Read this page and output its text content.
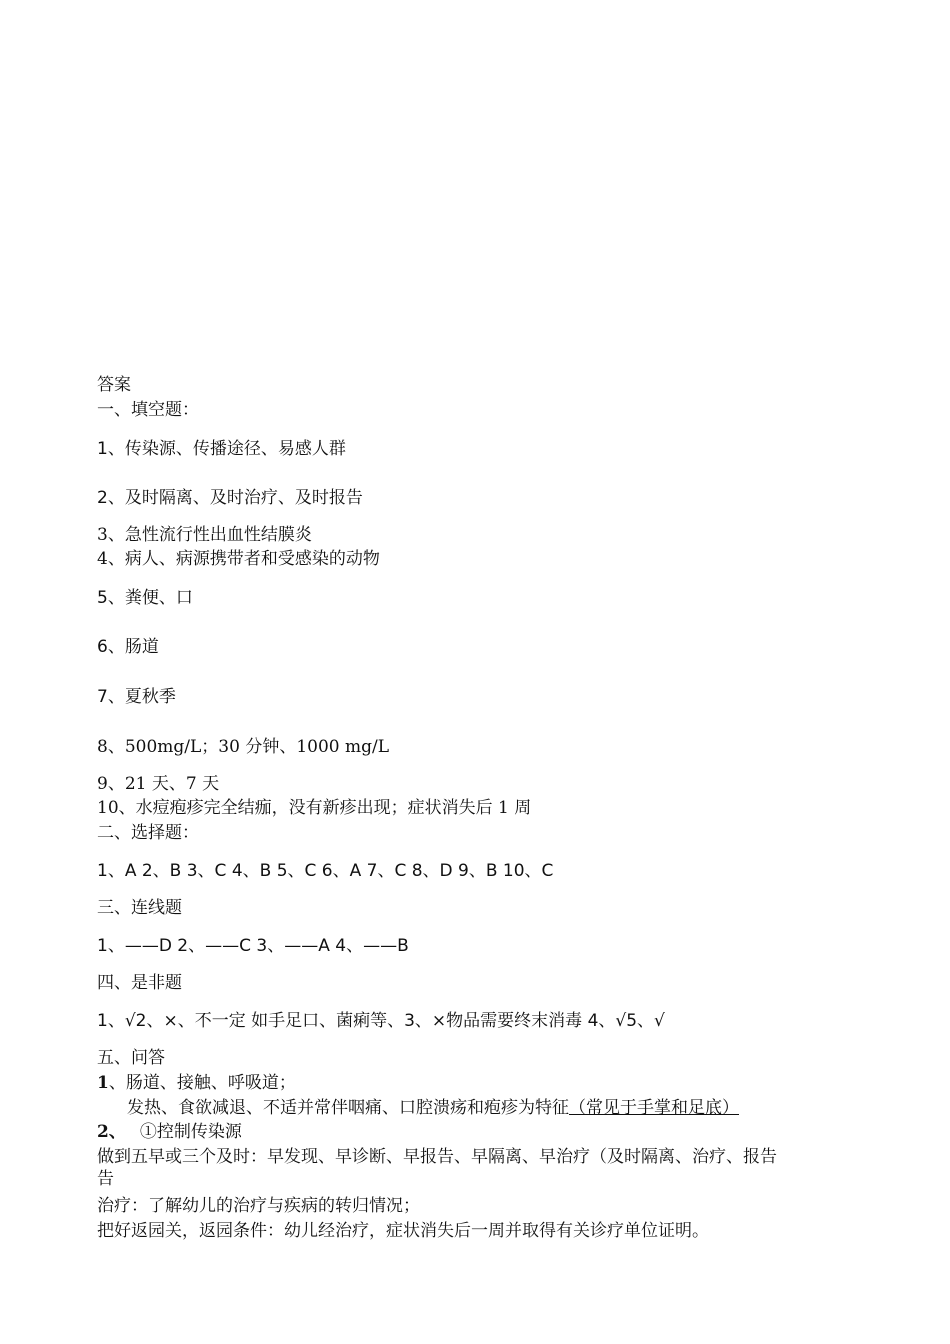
答案
一、填空题：
1、传染源、传播途径、易感人群
2、及时隔离、及时治疗、及时报告
3、急性流行性出血性结膜炎
4、病人、病源携带者和受感染的动物
5、粪便、口
6、肠道
7、夏秋季
8、500mg/L；30 分钟、1000 mg/L
9、21 天、7 天
10、水痘疱疹完全结痂，没有新疹出现；症状消失后 1 周
二、选择题：
1、A 2、B 3、C 4、B 5、C 6、A 7、C 8、D 9、B 10、C
三、连线题
1、——D 2、——C 3、——A 4、——B
四、是非题
1、√2、×、不一定 如手足口、菌痢等、3、×物品需要终末消毒 4、√5、√
五、问答
1、肠道、接触、呼吸道；
发热、食欲减退、不适并常伴咽痛、口腔溃疡和疱疹为特征（常见于手掌和足底）
2、 ①控制传染源
做到五早或三个及时：早发现、早诊断、早报告、早隔离、早治疗（及时隔离、治疗、报告
告
治疗：了解幼儿的治疗与疾病的转归情况；
把好返园关，返园条件：幼儿经治疗，症状消失后一周并取得有关诊疗单位证明。
